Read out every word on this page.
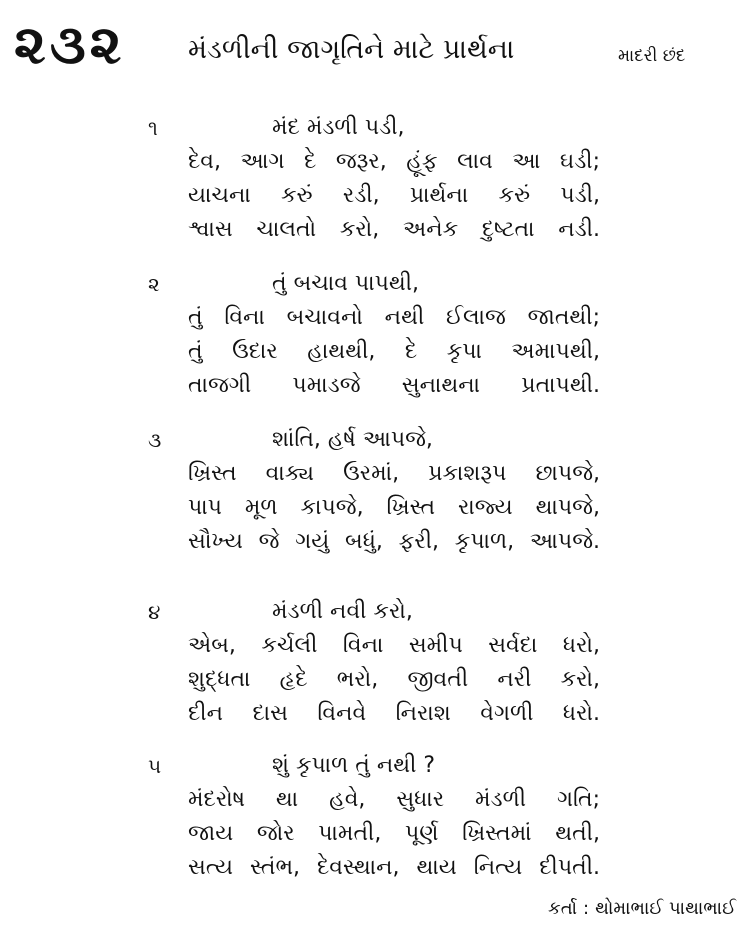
૨૩૨ મંડળીની જાગૃતિને માટે પ્રાર્થના	માદરી છંદ
૧	મંદ મંડળી પડી,
દેવ, આગ દે જરૂર, હૂંફ લાવ આ ઘડી;
યાચના કરું રડી, પ્રાર્થના કરું પડી,
શ્વાસ ચાલતો કરો, અનેક દુષ્ટતા નડી.
૨	તું બચાવ પાપથી,
તું વિના બચાવનો નથી ઈલાજ જાતથી;
તું ઉદાર હાથથી, દે કૃપા અમાપથી,
તાજગી પમાડજે સુનાથના પ્રતાપથી.
૩	શાંતિ, હર્ષ આપજે,
ખ્રિસ્ત વાક્ય ઉરમાં, પ્રકાશરૂપ છાપજે,
પાપ મૂળ કાપજે, ખ્રિસ્ત રાજ્ય થાપજે,
સૌખ્ય જે ગયું બધું, ફરી, કૃપાળ, આપજે.
૪	મંડળી નવી કરો,
એબ, કર્ચલી વિના સમીપ સર્વદા ધરો,
શુદ્ધતા હૃદે ભરો, જીવતી નરી કરો,
દીન દાસ વિનવે નિરાશ વેગળી ધરો.
૫	શું કૃપાળ તું નથી ?
મંદરોષ થા હવે, સુધાર મંડળી ગતિ;
જાય જોર પામતી, પૂર્ણ ખ્રિસ્તમાં થતી,
સત્ય સ્તંભ, દેવસ્થાન, થાય નિત્ય દીપતી.
કર્તા : થોમાભાઈ પાથાભાઈ
